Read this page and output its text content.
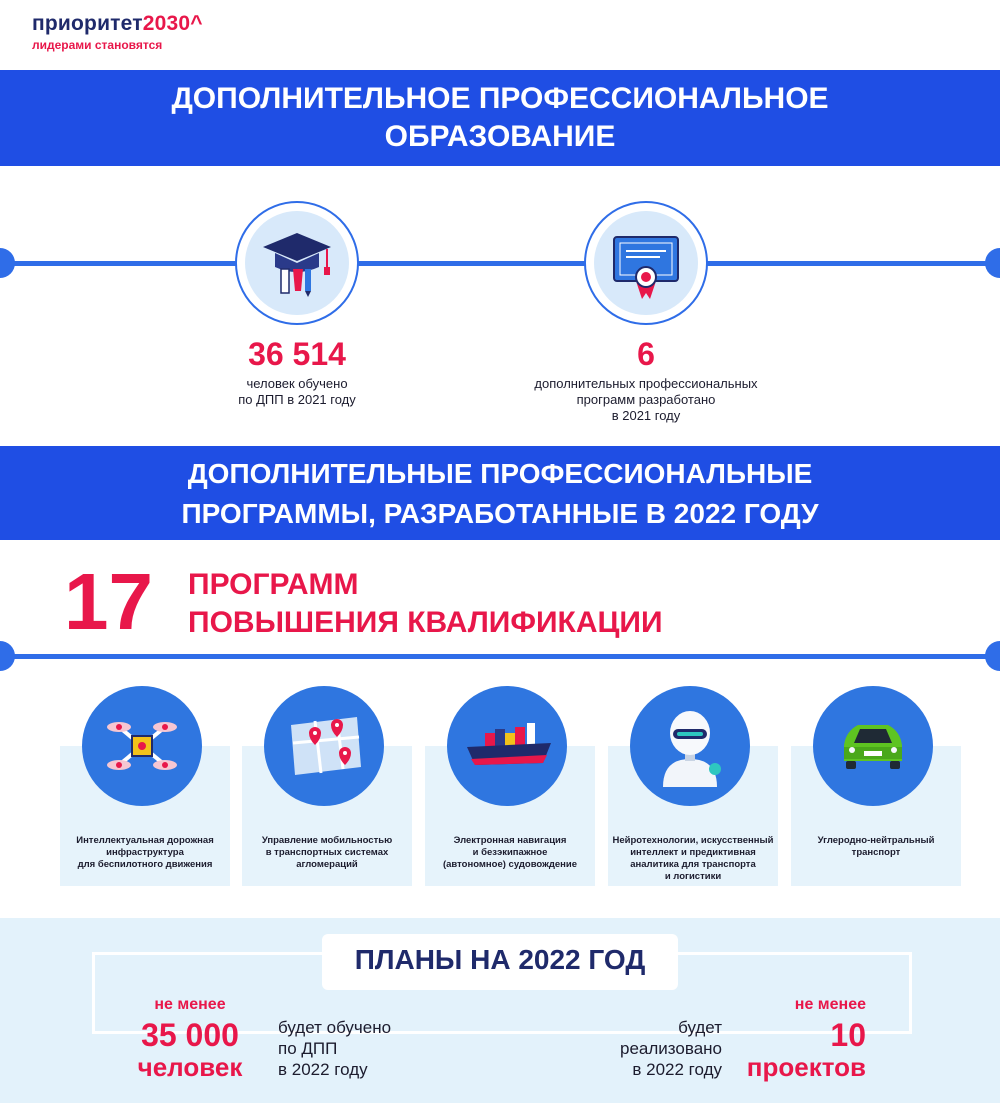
приоритет2030^
лидерами становятся
ДОПОЛНИТЕЛЬНОЕ ПРОФЕССИОНАЛЬНОЕ
ОБРАЗОВАНИЕ
36 514
человек обучено
по ДПП в 2021 году
6
дополнительных профессиональных
программ разработано
в 2021 году
ДОПОЛНИТЕЛЬНЫЕ ПРОФЕССИОНАЛЬНЫЕ
ПРОГРАММЫ, РАЗРАБОТАННЫЕ В 2022 ГОДУ
17 ПРОГРАММ
ПОВЫШЕНИЯ КВАЛИФИКАЦИИ
Интеллектуальная дорожная
инфраструктура
для беспилотного движения
Управление мобильностью
в транспортных системах
агломераций
Электронная навигация
и безэкипажное
(автономное) судовождение
Нейротехнологии, искусственный
интеллект и предиктивная
аналитика для транспорта
и логистики
Углеродно-нейтральный
транспорт
ПЛАНЫ НА 2022 ГОД
не менее
35 000
человек
будет обучено
по ДПП
в 2022 году
будет
реализовано
в 2022 году
не менее
10
проектов
